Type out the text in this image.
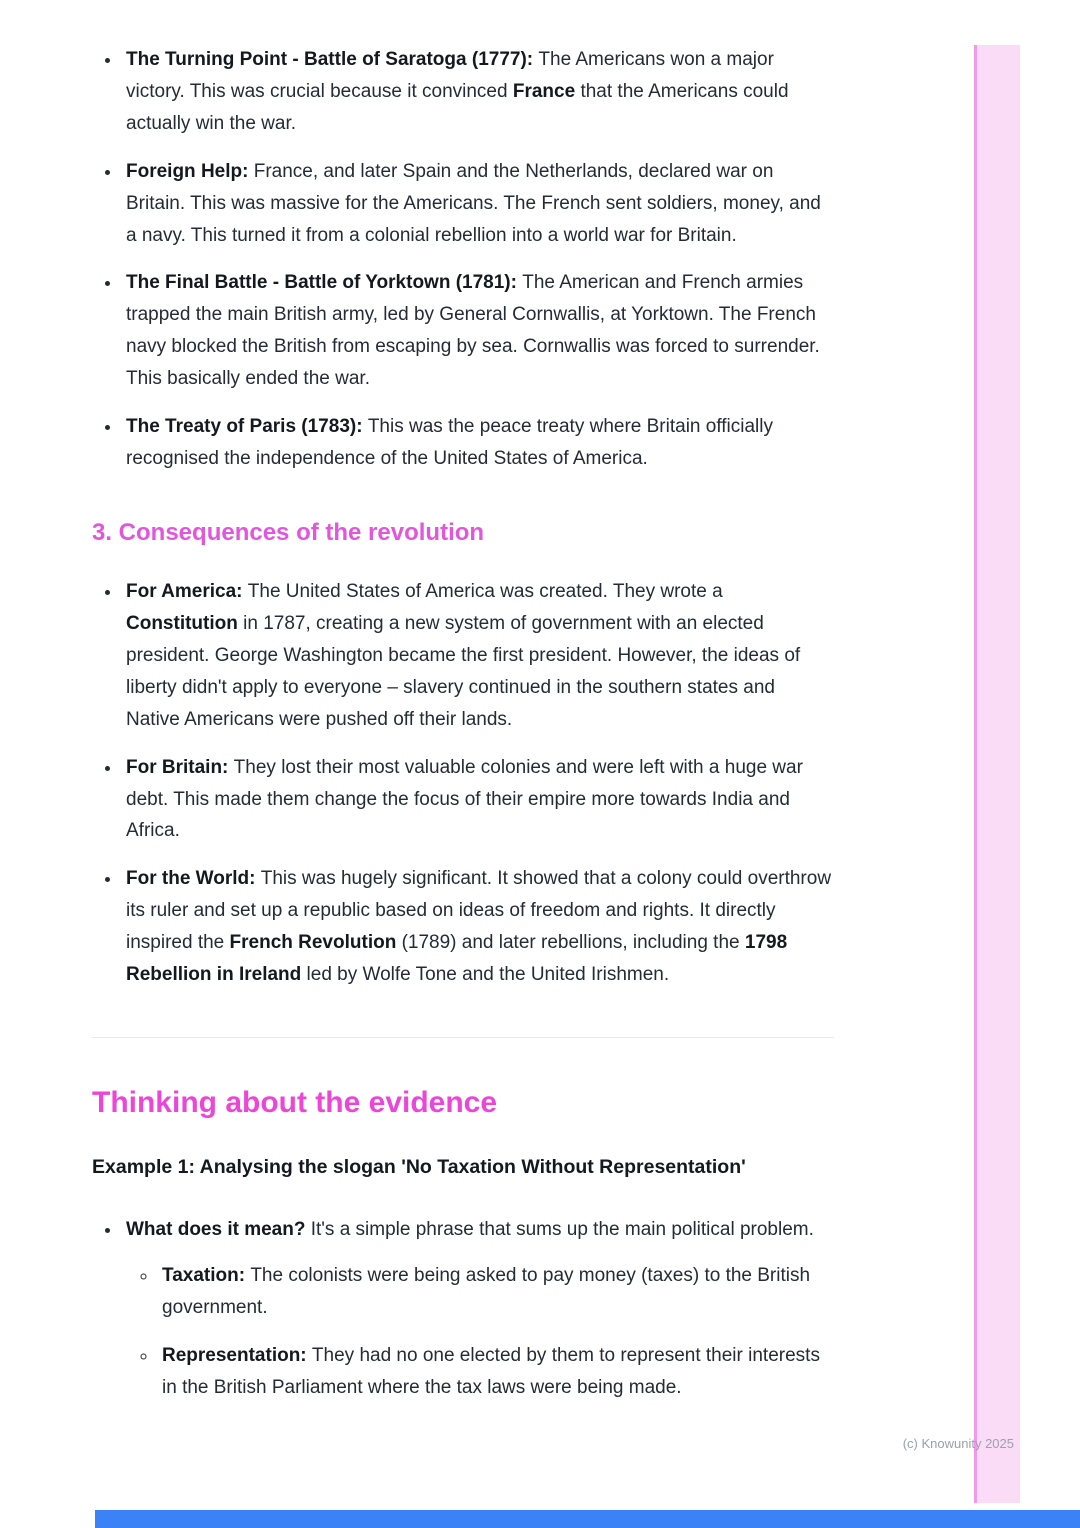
• The Turning Point - Battle of Saratoga (1777): The Americans won a major victory. This was crucial because it convinced France that the Americans could actually win the war.
• Foreign Help: France, and later Spain and the Netherlands, declared war on Britain. This was massive for the Americans. The French sent soldiers, money, and a navy. This turned it from a colonial rebellion into a world war for Britain.
• The Final Battle - Battle of Yorktown (1781): The American and French armies trapped the main British army, led by General Cornwallis, at Yorktown. The French navy blocked the British from escaping by sea. Cornwallis was forced to surrender. This basically ended the war.
• The Treaty of Paris (1783): This was the peace treaty where Britain officially recognised the independence of the United States of America.
3. Consequences of the revolution
• For America: The United States of America was created. They wrote a Constitution in 1787, creating a new system of government with an elected president. George Washington became the first president. However, the ideas of liberty didn't apply to everyone – slavery continued in the southern states and Native Americans were pushed off their lands.
• For Britain: They lost their most valuable colonies and were left with a huge war debt. This made them change the focus of their empire more towards India and Africa.
• For the World: This was hugely significant. It showed that a colony could overthrow its ruler and set up a republic based on ideas of freedom and rights. It directly inspired the French Revolution (1789) and later rebellions, including the 1798 Rebellion in Ireland led by Wolfe Tone and the United Irishmen.
Thinking about the evidence

Example 1: Analysing the slogan 'No Taxation Without Representation'

• What does it mean? It's a simple phrase that sums up the main political problem.
◦ Taxation: The colonists were being asked to pay money (taxes) to the British government.
◦ Representation: They had no one elected by them to represent their interests in the British Parliament where the tax laws were being made.
(c) Knowunity 2025
